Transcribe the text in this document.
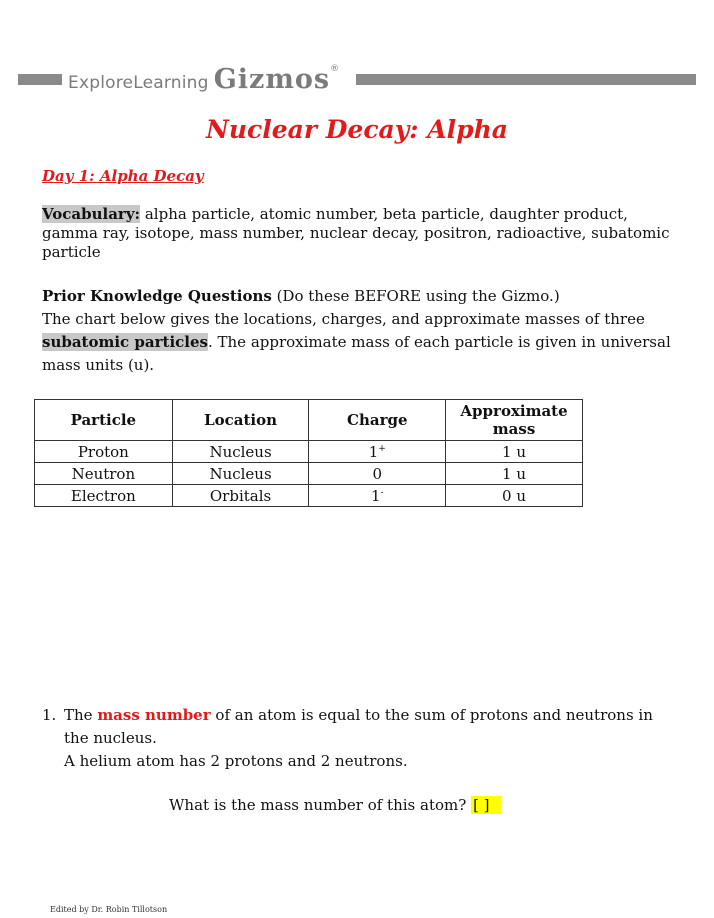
ExploreLearning Gizmos®
Nuclear Decay: Alpha
Day 1: Alpha Decay
Vocabulary: alpha particle, atomic number, beta particle, daughter product, gamma ray, isotope, mass number, nuclear decay, positron, radioactive, subatomic particle
Prior Knowledge Questions (Do these BEFORE using the Gizmo.)
The chart below gives the locations, charges, and approximate masses of three
subatomic particles. The approximate mass of each particle is given in universal mass units (u).
Particle	Location	Charge	Approximate mass
Proton	Nucleus	1+	1 u
Neutron	Nucleus	0	1 u
Electron	Orbitals	1-	0 u
1. The mass number of an atom is equal to the sum of protons and neutrons in the nucleus.
A helium atom has 2 protons and 2 neutrons.
What is the mass number of this atom? [ ]
Edited by Dr. Robin Tillotson
